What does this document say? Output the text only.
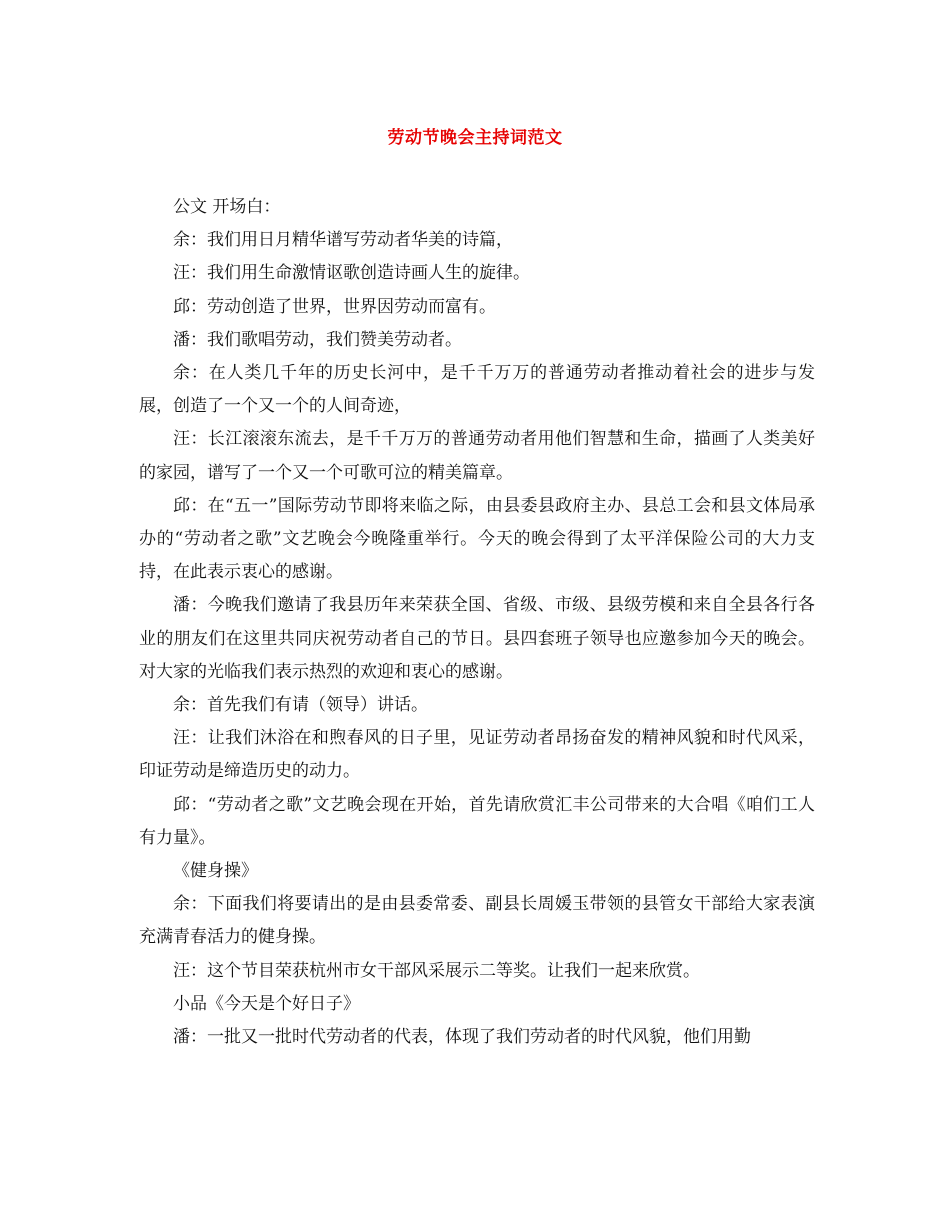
劳动节晚会主持词范文

公文 开场白：

余：我们用日月精华谱写劳动者华美的诗篇，

汪：我们用生命激情讴歌创造诗画人生的旋律。

邱：劳动创造了世界，世界因劳动而富有。

潘：我们歌唱劳动，我们赞美劳动者。

余：在人类几千年的历史长河中，是千千万万的普通劳动者推动着社会的进步与发展，创造了一个又一个的人间奇迹，

汪：长江滚滚东流去，是千千万万的普通劳动者用他们智慧和生命，描画了人类美好的家园，谱写了一个又一个可歌可泣的精美篇章。

邱：在“五一”国际劳动节即将来临之际，由县委县政府主办、县总工会和县文体局承办的“劳动者之歌”文艺晚会今晚隆重举行。今天的晚会得到了太平洋保险公司的大力支持，在此表示衷心的感谢。

潘：今晚我们邀请了我县历年来荣获全国、省级、市级、县级劳模和来自全县各行各业的朋友们在这里共同庆祝劳动者自己的节日。县四套班子领导也应邀参加今天的晚会。对大家的光临我们表示热烈的欢迎和衷心的感谢。

余：首先我们有请（领导）讲话。

汪：让我们沐浴在和煦春风的日子里，见证劳动者昂扬奋发的精神风貌和时代风采，印证劳动是缔造历史的动力。

邱：“劳动者之歌”文艺晚会现在开始，首先请欣赏汇丰公司带来的大合唱《咱们工人有力量》。

《健身操》

余：下面我们将要请出的是由县委常委、副县长周媛玉带领的县管女干部给大家表演充满青春活力的健身操。

汪：这个节目荣获杭州市女干部风采展示二等奖。让我们一起来欣赏。

小品《今天是个好日子》

潘：一批又一批时代劳动者的代表，体现了我们劳动者的时代风貌，他们用勤
